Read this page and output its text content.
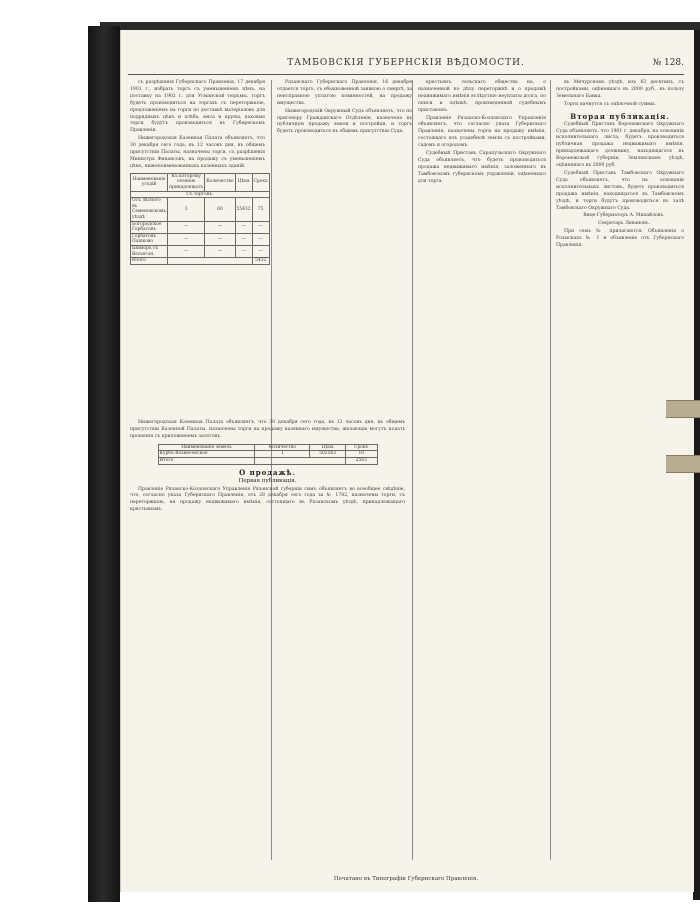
ТАМБОВСКІЯ ГУБЕРНСКІЯ ВѢДОМОСТИ.	№ 128.

съ разрѣшенія Губернскаго Правленія, 17 декабря 1901 г., избрать торгъ съ уменьшеніемъ цѣнъ, на поставку на 1902 г. для Усманской тюрьмы, торгъ будетъ производиться на торгахъ съ переторжкою, предложеніемъ на торги по доставкѣ матеріаловъ для подрядныхъ цѣнъ и хлѣба, мяса и крупы, каковые торги будутъ производиться въ Губернскомъ Правленіи.

Нижегородская Казенная Палата объявляетъ, что 30 декабря сего года, въ 12 часовъ дня, въ общемъ присутствіи Палаты, назначены торги, съ разрѣшенія Министра Финансовъ, на продажу съ уменьшеніемъ цѣнъ, нижепоименованныхъ казенныхъ зданій.

Наименованіе угодій	Къ которому селенію принадлежатъ	Количество	Цѣна	Срокъ
Съ торговъ.				
Отъ лѣсного въ Семеновскомъ уѣздѣ	3	60	55432	75
Богородское Горбатовъ	—	—	—	—
Горбатовъ Пашково	—	—	—	—
Шиморъ съ Весьегон.	—	—	—	—
Итого				5432

Рязанскаго Губернскаго Правленія, 16 декабря отдается торгъ, съ обыкновенной заявкою о смертѣ, за неисправною уплатою повинностей, на продажу имущества.

Нижегородскій Окружный Судъ объявляетъ, что по приговору Гражданскаго Отдѣленія, назначена въ публичную продажу земля и постройки, и торгъ будетъ производиться въ общемъ присутствіи Суда.

Нижегородская Казенная Палата объявляетъ, что 30 декабря сего года, въ 12 часовъ дня, въ общемъ присутствіи Казенной Палаты, назначены торги на продажу казеннаго имущества; желающіе могутъ подать прошенія съ приложеніемъ залоговъ.

Наименованіе земель	Количество	Цѣна	Срокъ
Курбъ-Вознесенское	1	502563	10
Итого			2563
О продажѣ.
Первая публикація.

Правленіе Рязанско-Козловскаго Управленія Рязанской губерніи симъ объявляетъ во всеобщее свѣдѣніе, что, согласно указа Губернскаго Правленія, отъ 28 декабря сего года за № 1782, назначены торги, съ переторжкою, на продажу недвижимаго имѣнія, состоящаго въ Рязанскомъ уѣздѣ, принадлежащаго крестьянамъ.

крестьянъ, сельскаго общества на, о назначенной по дѣлу переторжкѣ и о продажѣ недвижимаго имѣнія вслѣдствіе неуплаты долга, по описи и оцѣнкѣ, произведенной судебнымъ приставомъ.

Правленіе Рязанско-Козловскаго Управленія объявляетъ, что согласно указа Губернскаго Правленія, назначены торги на продажу имѣнія, состоящаго изъ усадебной земли съ постройками, садомъ и огородомъ.

Судебный Приставъ Сарапульскаго Окружнаго Суда объявляетъ, что будетъ производиться продажа недвижимаго имѣнія, заложеннаго въ Тамбовскомъ губернскомъ управленіи, оцѣненнаго для торга.

въ Мичурскомъ уѣздѣ, изъ 63 десятинъ, съ постройками, оцѣненнаго въ 2000 руб., въ пользу Земельнаго Банка.

Торги начнутся съ оцѣночной суммы.

Вторая публикація.

Судебный Приставъ Воронежскаго Окружнаго Суда объявляетъ, что 1901 г. декабря, на основаніи исполнительнаго листа, будетъ производиться публичная продажа недвижимаго имѣнія, принадлежащаго должнику, находящагося въ Воронежской губерніи, Землянскомъ уѣздѣ, оцѣненнаго въ 2000 руб.

Судебный Приставъ Тамбовскаго Окружнаго Суда объявляетъ, что на основаніи исполнительныхъ листовъ, будетъ производиться продажа имѣнія, находящагося въ Тамбовскомъ уѣздѣ, и торги будутъ производиться въ залѣ Тамбовскаго Окружнаго Суда.

Вице-Губернаторъ А. Михайловъ.

Секретарь Ливановъ.

При семъ № прилагаются: Объявленія о Розыскахъ № 1 и объявленіе отъ Губернскаго Правленія.

Печатано въ Типографіи Губернскаго Правленія.
